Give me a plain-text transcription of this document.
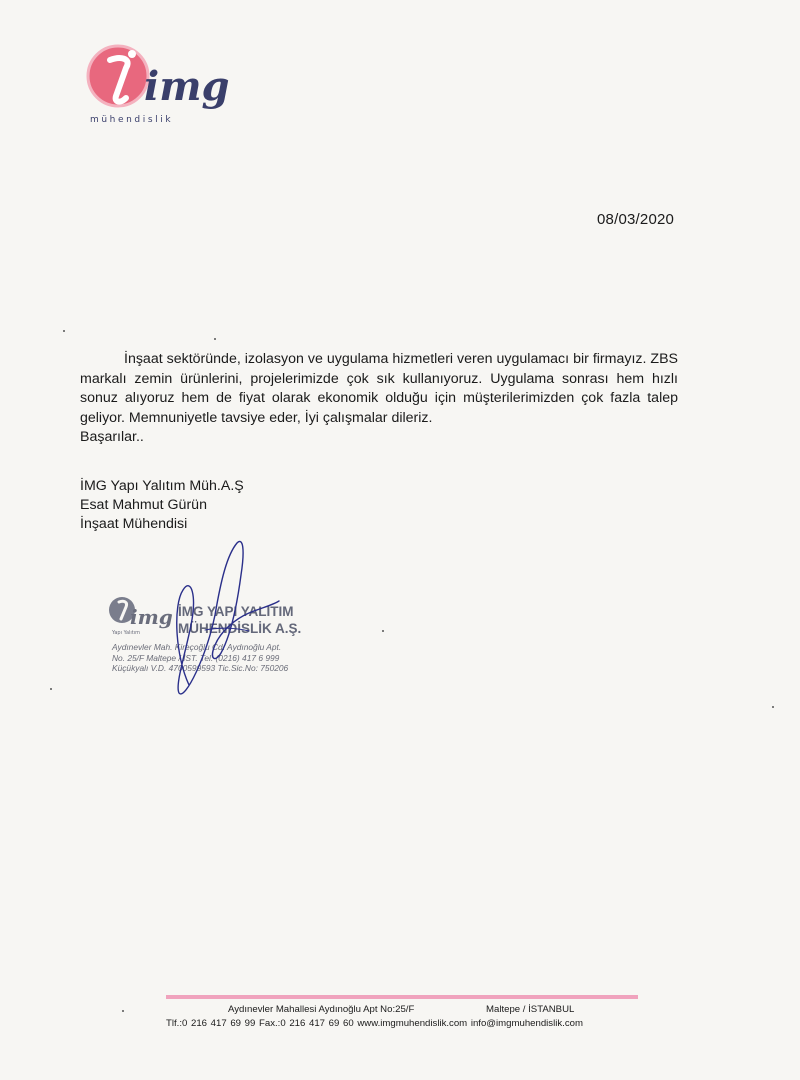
img
mühendislik
08/03/2020

İnşaat sektöründe, izolasyon ve uygulama hizmetleri veren uygulamacı bir firmayız. ZBS markalı zemin ürünlerini, projelerimizde çok sık kullanıyoruz. Uygulama sonrası hem hızlı sonuz alıyoruz hem de fiyat olarak ekonomik olduğu için müşterilerimizden çok fazla talep geliyor. Memnuniyetle tavsiye eder, İyi çalışmalar dileriz.

Başarılar..
İMG Yapı Yalıtım Müh.A.Ş
Esat Mahmut Gürün
İnşaat Mühendisi
img
Yapı Yalıtım
İMG YAPI YALITIM
MÜHENDİSLİK A.Ş.
Aydınevler Mah. Kireçoğlu Cd. Aydınoğlu Apt.
No. 25/F Maltepe / İST. Tel: (0216) 417 6 999
Küçükyalı V.D. 4700599593 Tic.Sic.No: 750206
Aydınevler Mahallesi Aydınoğlu Apt No:25/F	Maltepe / İSTANBUL
Tlf.:0 216 417 69 99 Fax.:0 216 417 69 60 www.imgmuhendislik.com info@imgmuhendislik.com
